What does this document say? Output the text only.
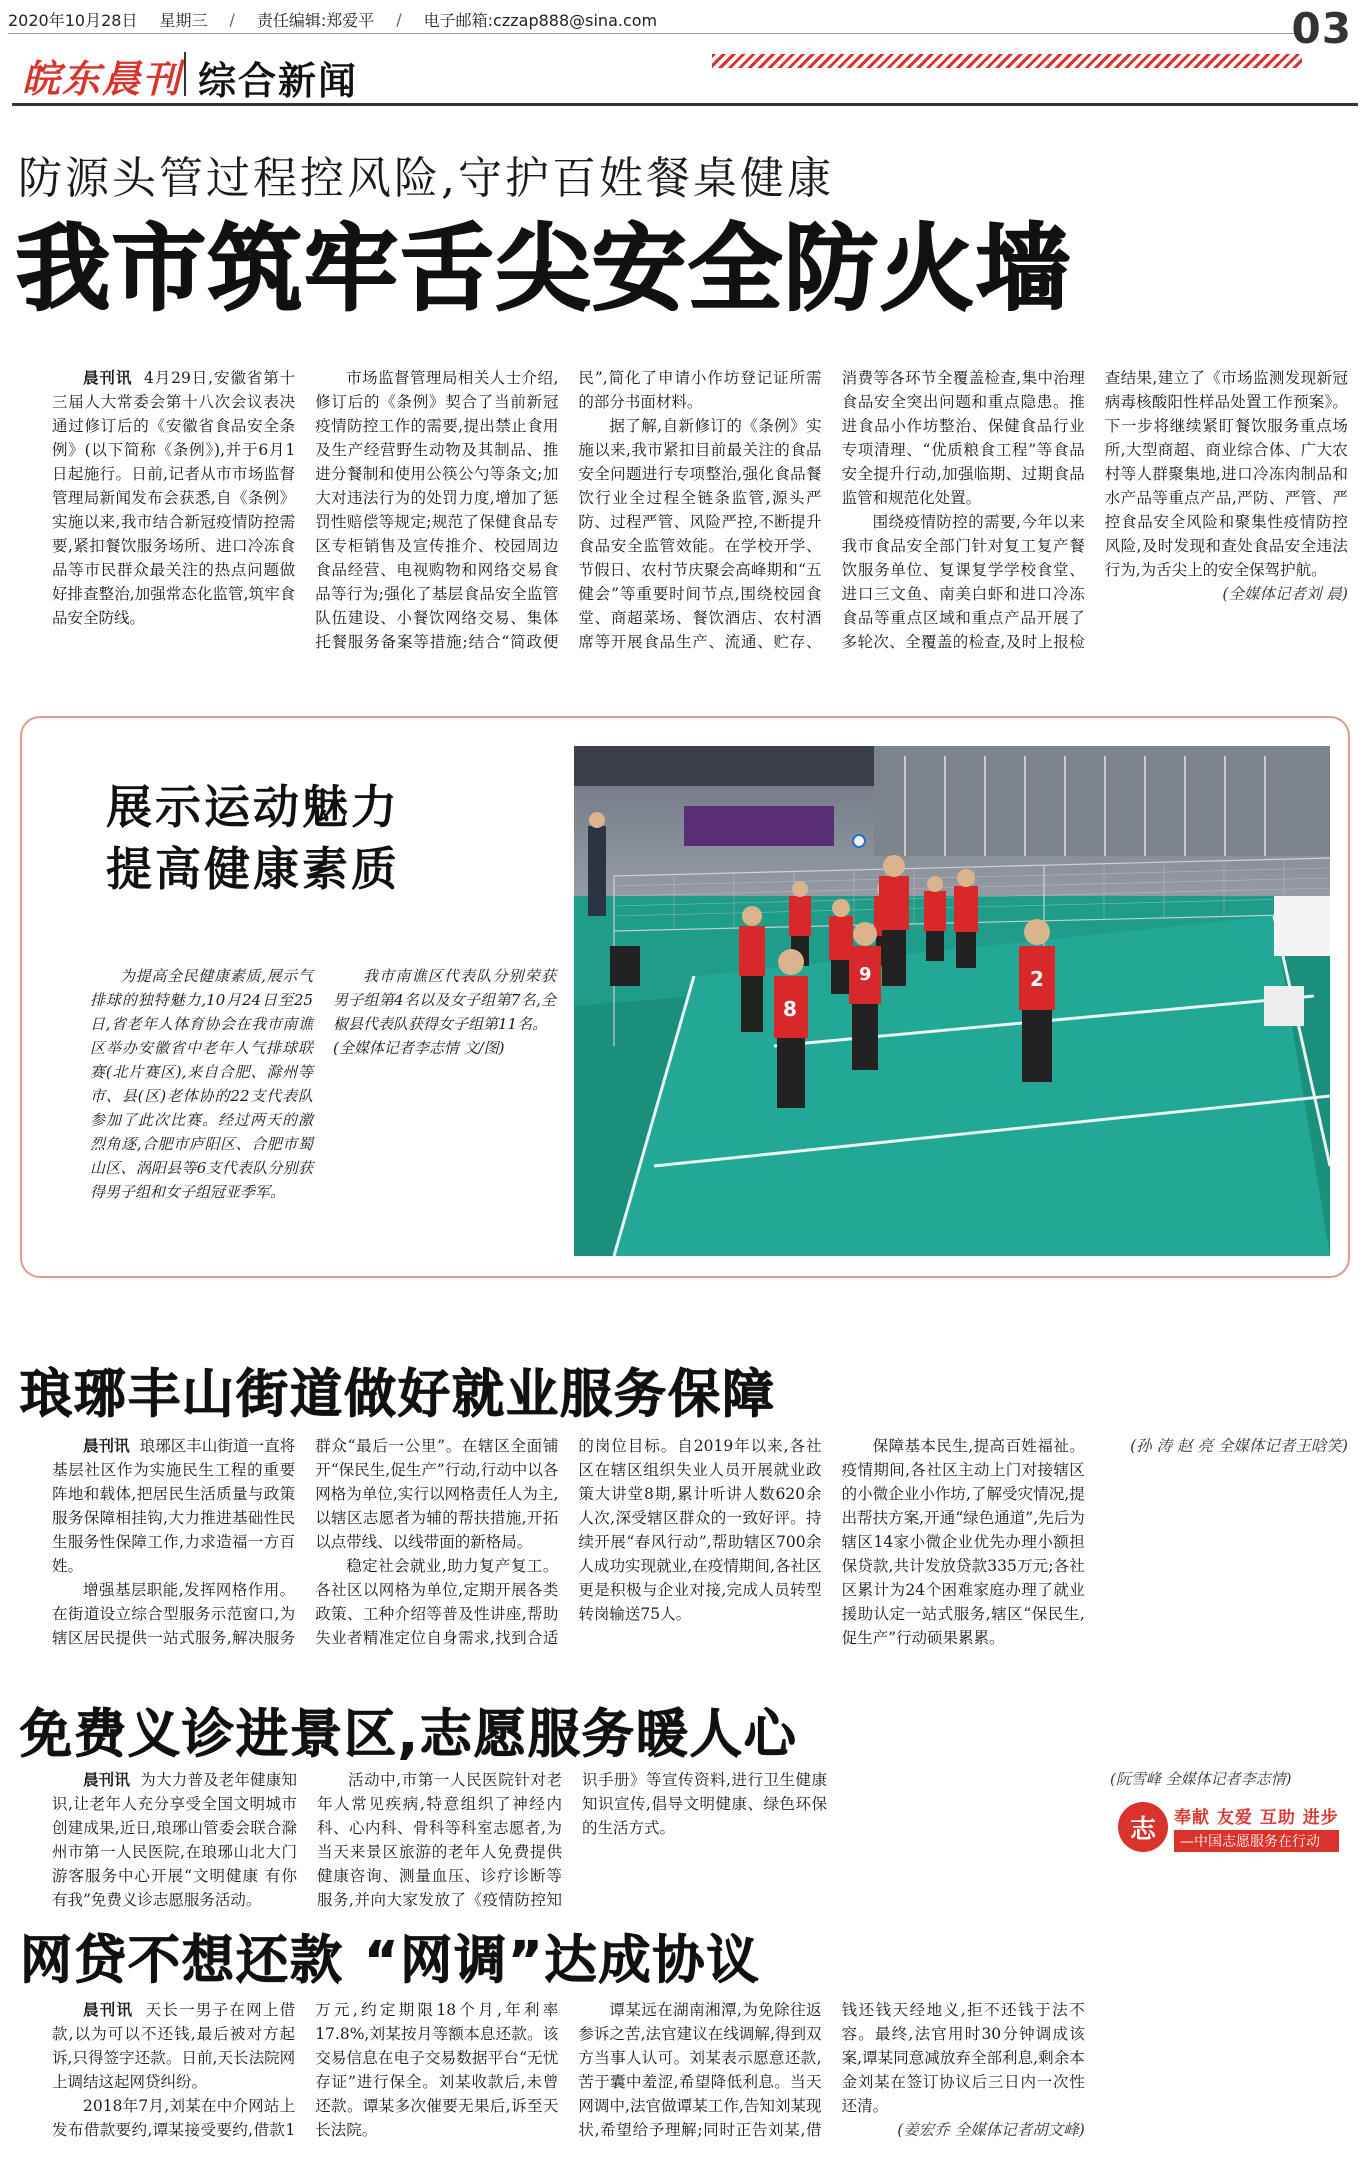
2020年10月28日 星期三 / 责任编辑:郑爱平 / 电子邮箱:czzap888@sina.com	03
皖东晨刊 综合新闻
防源头管过程控风险,守护百姓餐桌健康
我市筑牢舌尖安全防火墙

晨刊讯 4月29日,安徽省第十三届人大常委会第十八次会议表决通过修订后的《安徽省食品安全条例》(以下简称《条例》),并于6月1日起施行。日前,记者从市市场监督管理局新闻发布会获悉,自《条例》实施以来,我市结合新冠疫情防控需要,紧扣餐饮服务场所、进口冷冻食品等市民群众最关注的热点问题做好排查整治,加强常态化监管,筑牢食品安全防线。

市场监督管理局相关人士介绍,修订后的《条例》契合了当前新冠疫情防控工作的需要,提出禁止食用及生产经营野生动物及其制品、推进分餐制和使用公筷公勺等条文;加大对违法行为的处罚力度,增加了惩罚性赔偿等规定;规范了保健食品专区专柜销售及宣传推介、校园周边食品经营、电视购物和网络交易食品等行为;强化了基层食品安全监管队伍建设、小餐饮网络交易、集体托餐服务备案等措施;结合“简政便民”,简化了申请小作坊登记证所需的部分书面材料。

据了解,自新修订的《条例》实施以来,我市紧扣目前最关注的食品安全问题进行专项整治,强化食品餐饮行业全过程全链条监管,源头严防、过程严管、风险严控,不断提升食品安全监管效能。在学校开学、节假日、农村节庆聚会高峰期和“五健会”等重要时间节点,围绕校园食堂、商超菜场、餐饮酒店、农村酒席等开展食品生产、流通、贮存、消费等各环节全覆盖检查,集中治理食品安全突出问题和重点隐患。推进食品小作坊整治、保健食品行业专项清理、“优质粮食工程”等食品安全提升行动,加强临期、过期食品监管和规范化处置。

围绕疫情防控的需要,今年以来我市食品安全部门针对复工复产餐饮服务单位、复课复学学校食堂、进口三文鱼、南美白虾和进口冷冻食品等重点区域和重点产品开展了多轮次、全覆盖的检查,及时上报检查结果,建立了《市场监测发现新冠病毒核酸阳性样品处置工作预案》。下一步将继续紧盯餐饮服务重点场所,大型商超、商业综合体、广大农村等人群聚集地,进口冷冻肉制品和水产品等重点产品,严防、严管、严控食品安全风险和聚集性疫情防控风险,及时发现和查处食品安全违法行为,为舌尖上的安全保驾护航。

(全媒体记者刘 晨)

展示运动魅力
提高健康素质

为提高全民健康素质,展示气排球的独特魅力,10月24日至25日,省老年人体育协会在我市南谯区举办安徽省中老年人气排球联赛(北片赛区),来自合肥、滁州等市、县(区)老体协的22支代表队参加了此次比赛。经过两天的激烈角逐,合肥市庐阳区、合肥市蜀山区、涡阳县等6支代表队分别获得男子组和女子组冠亚季军。

我市南谯区代表队分别荣获男子组第4名以及女子组第7名,全椒县代表队获得女子组第11名。

(全媒体记者李志情 文/图)

2
8
9
琅琊丰山街道做好就业服务保障

晨刊讯 琅琊区丰山街道一直将基层社区作为实施民生工程的重要阵地和载体,把居民生活质量与政策服务保障相挂钩,大力推进基础性民生服务性保障工作,力求造福一方百姓。

增强基层职能,发挥网格作用。在街道设立综合型服务示范窗口,为辖区居民提供一站式服务,解决服务群众“最后一公里”。在辖区全面铺开“保民生,促生产”行动,行动中以各网格为单位,实行以网格责任人为主,以辖区志愿者为辅的帮扶措施,开拓以点带线、以线带面的新格局。

稳定社会就业,助力复产复工。各社区以网格为单位,定期开展各类政策、工种介绍等普及性讲座,帮助失业者精准定位自身需求,找到合适的岗位目标。自2019年以来,各社区在辖区组织失业人员开展就业政策大讲堂8期,累计听讲人数620余人次,深受辖区群众的一致好评。持续开展“春风行动”,帮助辖区700余人成功实现就业,在疫情期间,各社区更是积极与企业对接,完成人员转型转岗输送75人。

保障基本民生,提高百姓福祉。疫情期间,各社区主动上门对接辖区的小微企业小作坊,了解受灾情况,提出帮扶方案,开通“绿色通道”,先后为辖区14家小微企业优先办理小额担保贷款,共计发放贷款335万元;各社区累计为24个困难家庭办理了就业援助认定一站式服务,辖区“保民生,促生产”行动硕果累累。

(孙 涛 赵 亮 全媒体记者王晗笑)

免费义诊进景区,志愿服务暖人心

晨刊讯 为大力普及老年健康知识,让老年人充分享受全国文明城市创建成果,近日,琅琊山管委会联合滁州市第一人民医院,在琅琊山北大门游客服务中心开展“文明健康 有你有我”免费义诊志愿服务活动。

活动中,市第一人民医院针对老年人常见疾病,特意组织了神经内科、心内科、骨科等科室志愿者,为当天来景区旅游的老年人免费提供健康咨询、测量血压、诊疗诊断等服务,并向大家发放了《疫情防控知识手册》等宣传资料,进行卫生健康知识宣传,倡导文明健康、绿色环保的生活方式。

(阮雪峰 全媒体记者李志情)
志	奉献 友爱 互助 进步
—中国志愿服务在行动
网贷不想还款 “网调”达成协议

晨刊讯 天长一男子在网上借款,以为可以不还钱,最后被对方起诉,只得签字还款。日前,天长法院网上调结这起网贷纠纷。

2018年7月,刘某在中介网站上发布借款要约,谭某接受要约,借款1万元,约定期限18个月,年利率17.8%,刘某按月等额本息还款。该交易信息在电子交易数据平台“无忧存证”进行保全。刘某收款后,未曾还款。谭某多次催要无果后,诉至天长法院。

谭某远在湖南湘潭,为免除往返参诉之苦,法官建议在线调解,得到双方当事人认可。刘某表示愿意还款,苦于囊中羞涩,希望降低利息。当天网调中,法官做谭某工作,告知刘某现状,希望给予理解;同时正告刘某,借钱还钱天经地义,拒不还钱于法不容。最终,法官用时30分钟调成该案,谭某同意减放弃全部利息,剩余本金刘某在签订协议后三日内一次性还清。

(姜宏乔 全媒体记者胡文峰)
